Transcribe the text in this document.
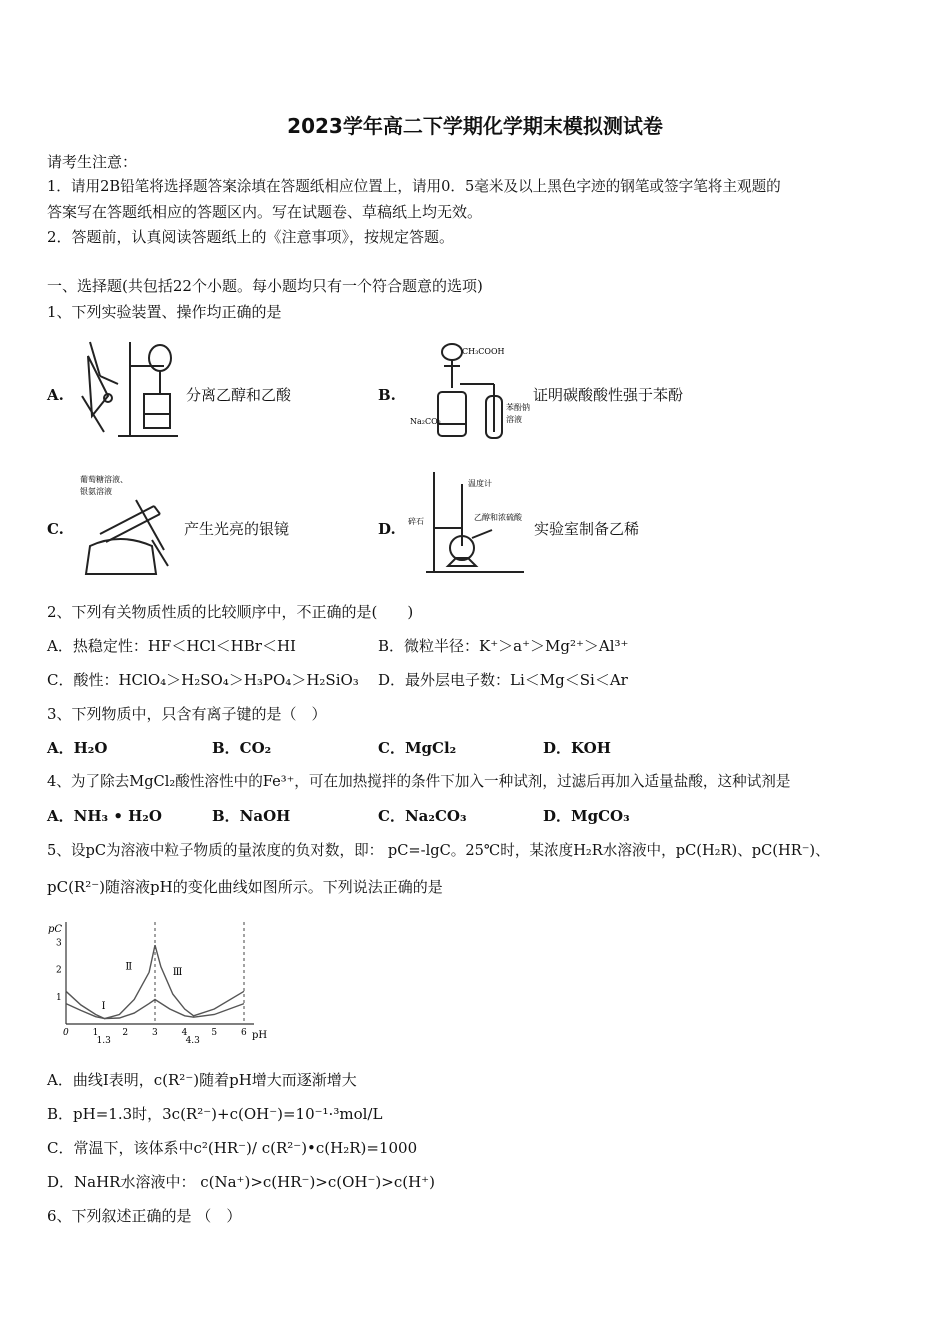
2023学年高二下学期化学期末模拟测试卷
请考生注意：
1．请用2B铅笔将选择题答案涂填在答题纸相应位置上，请用0．5毫米及以上黑色字迹的钢笔或签字笔将主观题的
答案写在答题纸相应的答题区内。写在试题卷、草稿纸上均无效。
2．答题前，认真阅读答题纸上的《注意事项》，按规定答题。
一、选择题(共包括22个小题。每小题均只有一个符合题意的选项)
1、下列实验装置、操作均正确的是
A.	分离乙醇和乙酸	B.
CH₃COOH
Na₂CO₃
苯酚钠
溶液
证明碳酸酸性强于苯酚
C.
葡萄糖溶液、
银氨溶液
产生光亮的银镜	D.
温度计
碎石	乙醇和浓硫酸
实验室制备乙稀
2、下列有关物质性质的比较顺序中，不正确的是(　　)
A．热稳定性：HF＜HCl＜HBr＜HI	B．微粒半径：K⁺＞a⁺＞Mg²⁺＞Al³⁺
C．酸性：HClO₄＞H₂SO₄＞H₃PO₄＞H₂SiO₃ D．最外层电子数：Li＜Mg＜Si＜Ar
3、下列物质中，只含有离子键的是（　）
A．H₂O	B．CO₂	C．MgCl₂	D．KOH
4、为了除去MgCl₂酸性溶性中的Fe³⁺，可在加热搅拌的条件下加入一种试剂，过滤后再加入适量盐酸，这种试剂是
A．NH₃ • H₂O	B．NaOH	C．Na₂CO₃	D．MgCO₃
5、设pC为溶液中粒子物质的量浓度的负对数，即： pC=-lgC。25℃时，某浓度H₂R水溶液中，pC(H₂R)、pC(HR⁻)、
pC(R²⁻)随溶液pH的变化曲线如图所示。下列说法正确的是
Ⅰ
Ⅱ	Ⅲ
0	1
1.3
2	3	4
4.3
5	6
1
2
3
pC
pH
A．曲线Ⅰ表明，c(R²⁻)随着pH增大而逐渐增大
B．pH=1.3时，3c(R²⁻)+c(OH⁻)=10⁻¹·³mol/L
C．常温下，该体系中c²(HR⁻)/ c(R²⁻)•c(H₂R)=1000
D．NaHR水溶液中： c(Na⁺)>c(HR⁻)>c(OH⁻)>c(H⁺)
6、下列叙述正确的是 （　）
